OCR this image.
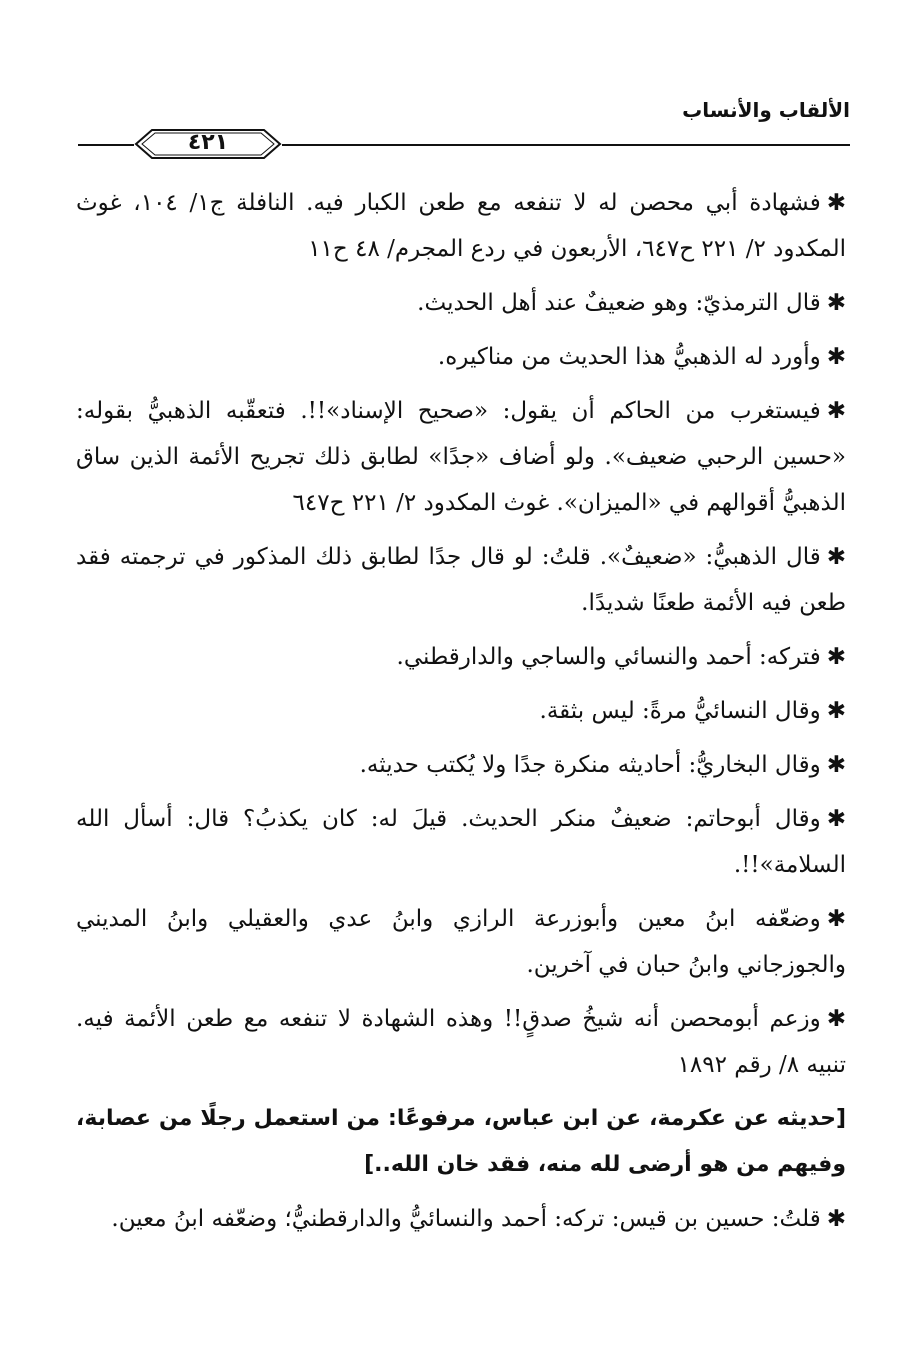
الألقاب والأنساب
٤٢١

✱فشهادة أبي محصن له لا تنفعه مع طعن الكبار فيه. النافلة ج١/ ١٠٤، غوث المكدود ٢/ ٢٢١ ح٦٤٧، الأربعون في ردع المجرم/ ٤٨ ح١١

✱قال الترمذيّ: وهو ضعيفٌ عند أهل الحديث.

✱وأورد له الذهبيُّ هذا الحديث من مناكيره.

✱فيستغرب من الحاكم أن يقول: «صحيح الإسناد»!!. فتعقّبه الذهبيُّ بقوله: «حسين الرحبي ضعيف». ولو أضاف «جدًا» لطابق ذلك تجريح الأئمة الذين ساق الذهبيُّ أقوالهم في «الميزان». غوث المكدود ٢/ ٢٢١ ح٦٤٧

✱قال الذهبيُّ: «ضعيفٌ». قلتُ: لو قال جدًا لطابق ذلك المذكور في ترجمته فقد طعن فيه الأئمة طعنًا شديدًا.

✱فتركه: أحمد والنسائي والساجي والدارقطني.

✱وقال النسائيُّ مرةً: ليس بثقة.

✱وقال البخاريُّ: أحاديثه منكرة جدًا ولا يُكتب حديثه.

✱وقال أبوحاتم: ضعيفٌ منكر الحديث. قيلَ له: كان يكذبُ؟ قال: أسأل الله السلامة»!!.

✱وضعّفه ابنُ معين وأبوزرعة الرازي وابنُ عدي والعقيلي وابنُ المديني والجوزجاني وابنُ حبان في آخرين.

✱وزعم أبومحصن أنه شيخُ صدقٍ!! وهذه الشهادة لا تنفعه مع طعن الأئمة فيه. تنبيه ٨/ رقم ١٨٩٢

[حديثه عن عكرمة، عن ابن عباس، مرفوعًا: من استعمل رجلًا من عصابة، وفيهم من هو أرضى لله منه، فقد خان الله..]

✱قلتُ: حسين بن قيس: تركه: أحمد والنسائيُّ والدارقطنيُّ؛ وضعّفه ابنُ معين.
